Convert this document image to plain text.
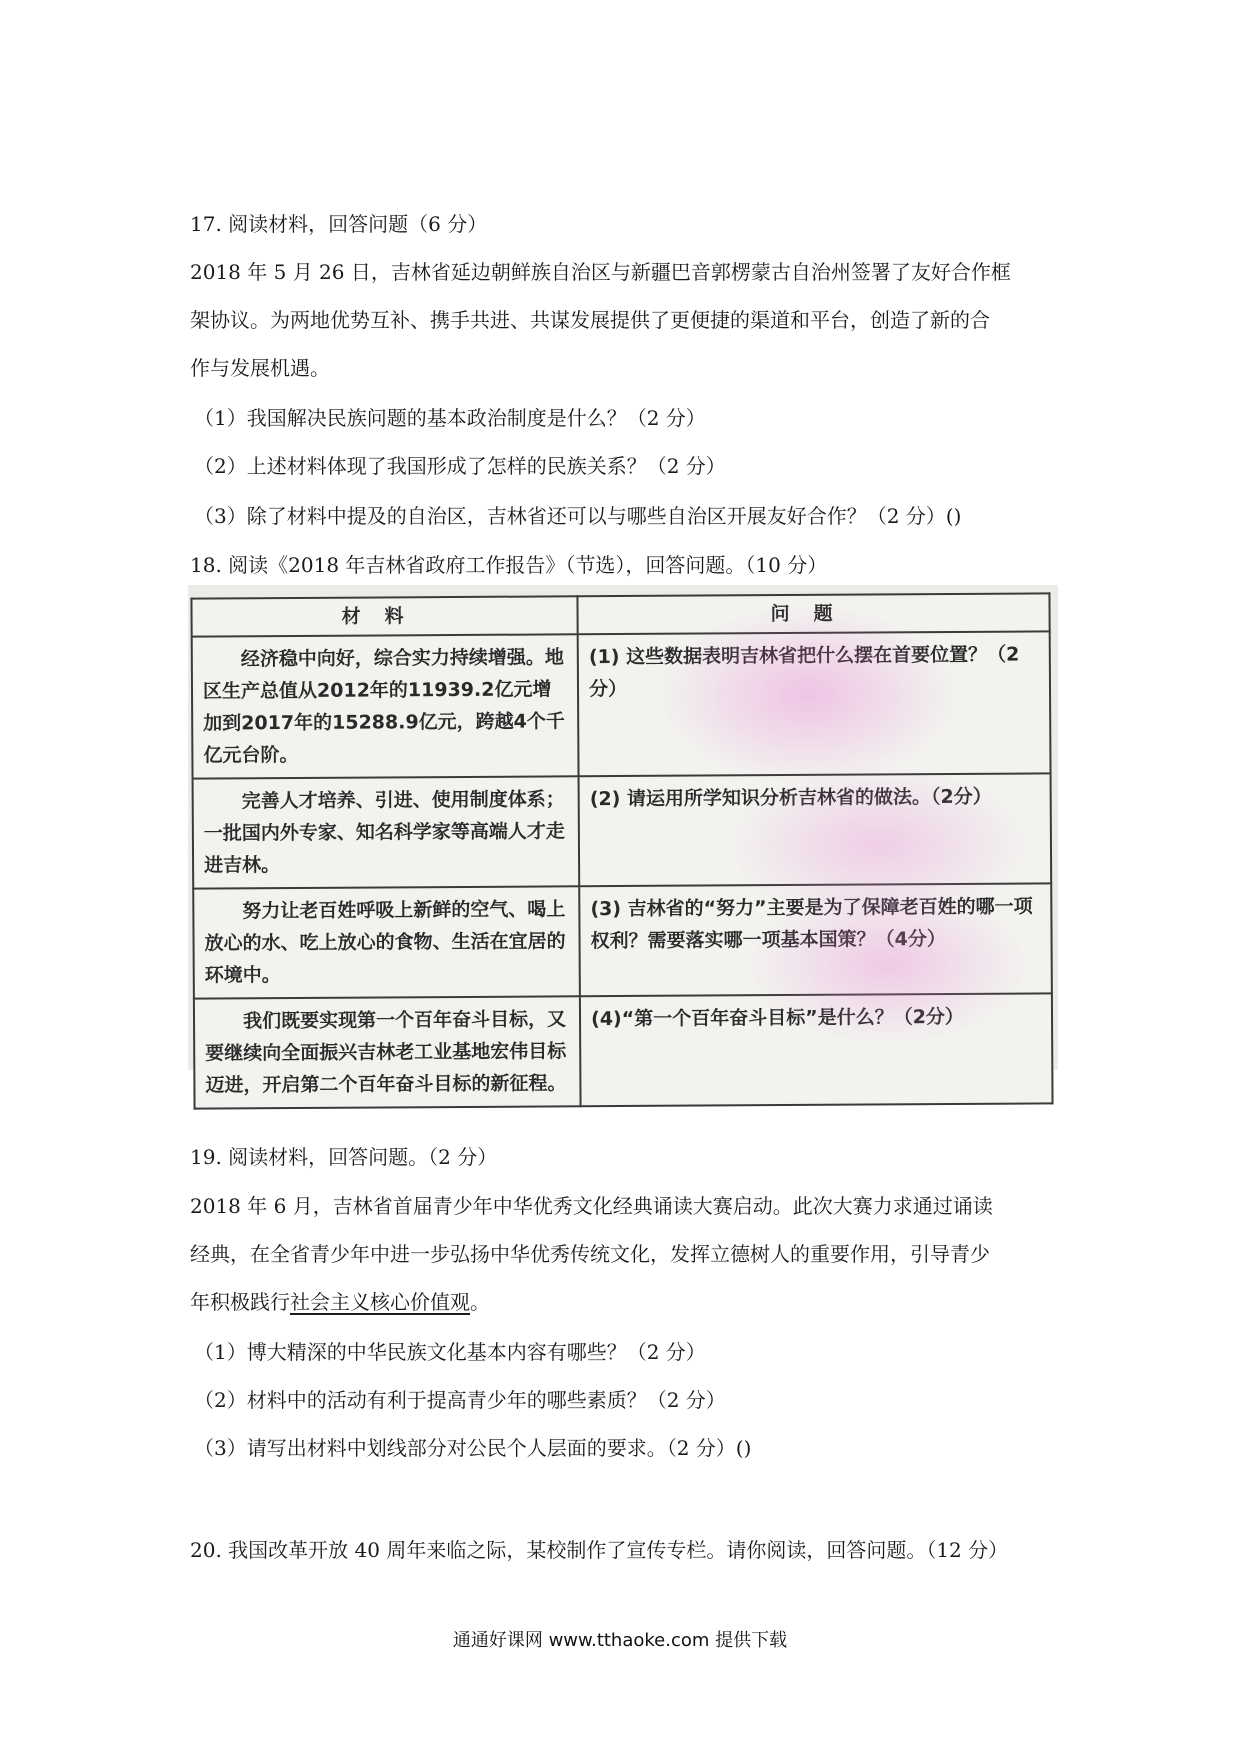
17. 阅读材料，回答问题（6 分）
2018 年 5 月 26 日，吉林省延边朝鲜族自治区与新疆巴音郭楞蒙古自治州签署了友好合作框
架协议。为两地优势互补、携手共进、共谋发展提供了更便捷的渠道和平台，创造了新的合
作与发展机遇。
（1）我国解决民族问题的基本政治制度是什么？（2 分）
（2）上述材料体现了我国形成了怎样的民族关系？（2 分）
（3）除了材料中提及的自治区，吉林省还可以与哪些自治区开展友好合作？（2 分）()
18. 阅读《2018 年吉林省政府工作报告》（节选），回答问题。（10 分）
材料	问题
经济稳中向好，综合实力持续增强。地区生产总值从2012年的11939.2亿元增加到2017年的15288.9亿元，跨越4个千亿元台阶。	(1) 这些数据表明吉林省把什么摆在首要位置？（2分）
完善人才培养、引进、使用制度体系；一批国内外专家、知名科学家等高端人才走进吉林。	(2) 请运用所学知识分析吉林省的做法。（2分）
努力让老百姓呼吸上新鲜的空气、喝上放心的水、吃上放心的食物、生活在宜居的环境中。	(3) 吉林省的“努力”主要是为了保障老百姓的哪一项权利？需要落实哪一项基本国策？（4分）
我们既要实现第一个百年奋斗目标，又要继续向全面振兴吉林老工业基地宏伟目标迈进，开启第二个百年奋斗目标的新征程。	(4)“第一个百年奋斗目标”是什么？（2分）
19. 阅读材料，回答问题。（2 分）
2018 年 6 月，吉林省首届青少年中华优秀文化经典诵读大赛启动。此次大赛力求通过诵读
经典，在全省青少年中进一步弘扬中华优秀传统文化，发挥立德树人的重要作用，引导青少
年积极践行社会主义核心价值观。
（1）博大精深的中华民族文化基本内容有哪些？（2 分）
（2）材料中的活动有利于提高青少年的哪些素质？（2 分）
（3）请写出材料中划线部分对公民个人层面的要求。（2 分）()
20. 我国改革开放 40 周年来临之际，某校制作了宣传专栏。请你阅读，回答问题。（12 分）
通通好课网 www.tthaoke.com 提供下载
